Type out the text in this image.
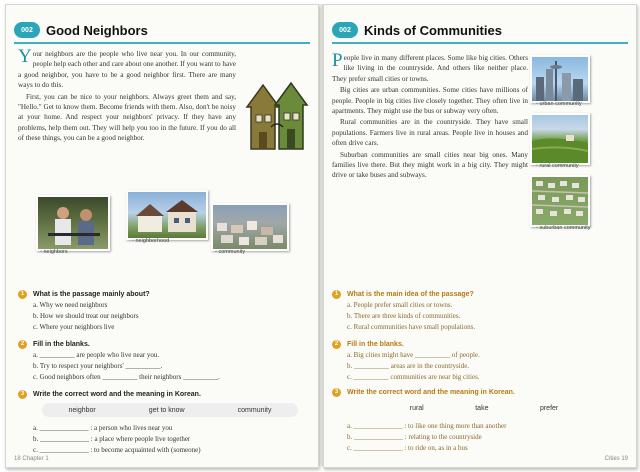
002	Good Neighbors

Your neighbors are the people who live near you. In our community, people help each other and care about one another. If you want to have a good neighbor, you have to be a good neighbor first. There are many ways to do this.

First, you can be nice to your neighbors. Always greet them and say, "Hello." Get to know them. Become friends with them. Also, don't be noisy at your home. And respect your neighbors' privacy. If they have any problems, help them out. They will help you too in the future. If you do all of these things, you can be a good neighbor.

◦ neighbors
◦ neighborhood
◦ community
1 What is the passage mainly about?
a. Why we need neighbors
b. How we should treat our neighbors
c. Where your neighbors live
2 Fill in the blanks.
a. __________ are people who live near you.
b. Try to respect your neighbors' __________.
c. Good neighbors often __________ their neighbors __________.
3 Write the correct word and the meaning in Korean.
neighbor	get to know	community
a. ______________ : a person who lives near you
b. ______________ : a place where people live together
c. ______________ : to become acquainted with (someone)
18 Chapter 1
002	Kinds of Communities

People live in many different places. Some like big cities. Others like living in the countryside. And others like neither place. They prefer small cities or towns.

Big cities are urban communities. Some cities have millions of people. People in big cities live closely together. They often live in apartments. They might use the bus or subway very often.

Rural communities are in the countryside. They have small populations. Farmers live in rural areas. People live in houses and often drive cars.

Suburban communities are small cities near big ones. Many families live there. But they might work in a big city. They might drive or take buses and subways.

◦ urban community
◦ rural community
◦ suburban community
1 What is the main idea of the passage?
a. People prefer small cities or towns.
b. There are three kinds of communities.
c. Rural communities have small populations.
2 Fill in the blanks.
a. Big cities might have __________ of people.
b. __________ areas are in the countryside.
c. __________ communities are near big cities.
3 Write the correct word and the meaning in Korean.
rural	take	prefer
a. ______________ : to like one thing more than another
b. ______________ : relating to the countryside
c. ______________ : to ride on, as in a bus
Cities 19
